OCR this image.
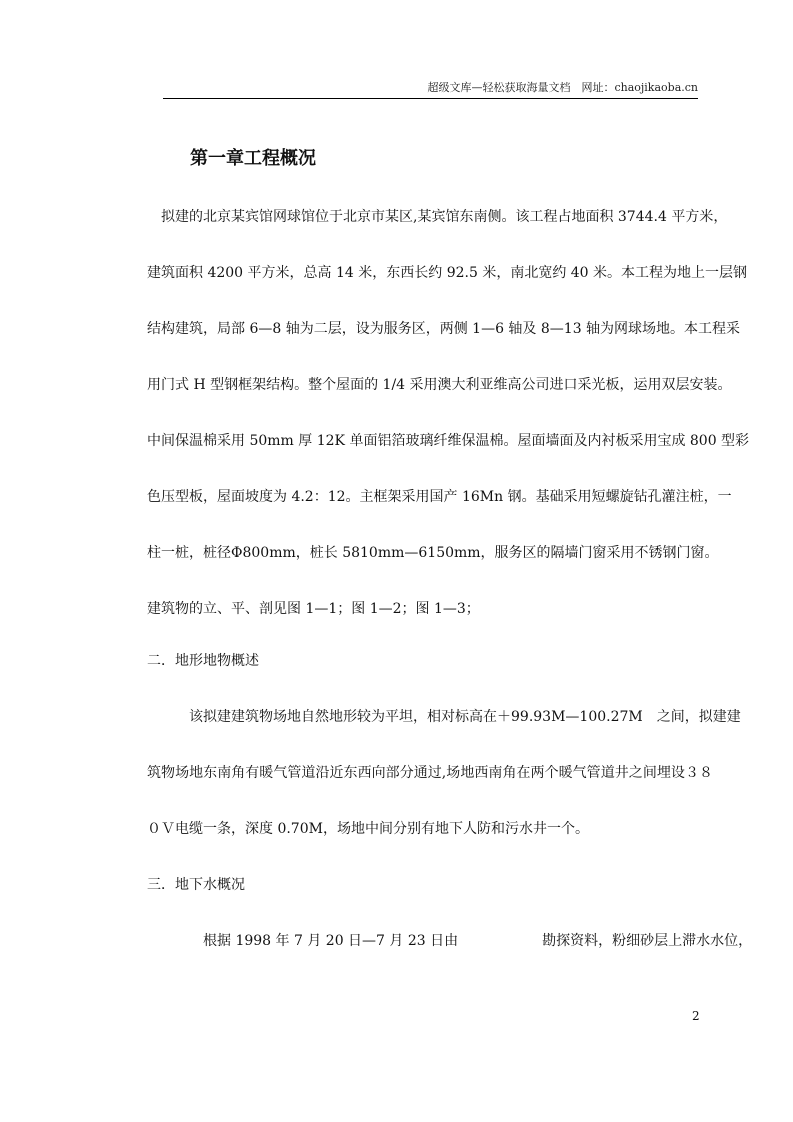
超级文库—轻松获取海量文档　网址：chaojikaoba.cn
第一章工程概况
　拟建的北京某宾馆网球馆位于北京市某区,某宾馆东南侧。该工程占地面积 3744.4 平方米，
建筑面积 4200 平方米，总高 14 米，东西长约 92.5 米，南北宽约 40 米。本工程为地上一层钢
结构建筑，局部 6—8 轴为二层，设为服务区，两侧 1—6 轴及 8—13 轴为网球场地。本工程采
用门式 H 型钢框架结构。整个屋面的 1/4 采用澳大利亚维高公司进口采光板，运用双层安装。
中间保温棉采用 50mm 厚 12K 单面铝箔玻璃纤维保温棉。屋面墙面及内衬板采用宝成 800 型彩
色压型板，屋面坡度为 4.2：12。主框架采用国产 16Mn 钢。基础采用短螺旋钻孔灌注桩，一
柱一桩，桩径Φ800mm，桩长 5810mm—6150mm，服务区的隔墙门窗采用不锈钢门窗。
建筑物的立、平、剖见图 1—1；图 1—2；图 1—3；
二．地形地物概述
　　　该拟建建筑物场地自然地形较为平坦，相对标高在＋99.93M—100.27M　之间，拟建建
筑物场地东南角有暖气管道沿近东西向部分通过,场地西南角在两个暖气管道井之间埋设３８
０Ｖ电缆一条，深度 0.70M，场地中间分别有地下人防和污水井一个。
三．地下水概况
　　　　根据 1998 年 7 月 20 日—7 月 23 日由　　　　　　勘探资料，粉细砂层上滞水水位，
2
